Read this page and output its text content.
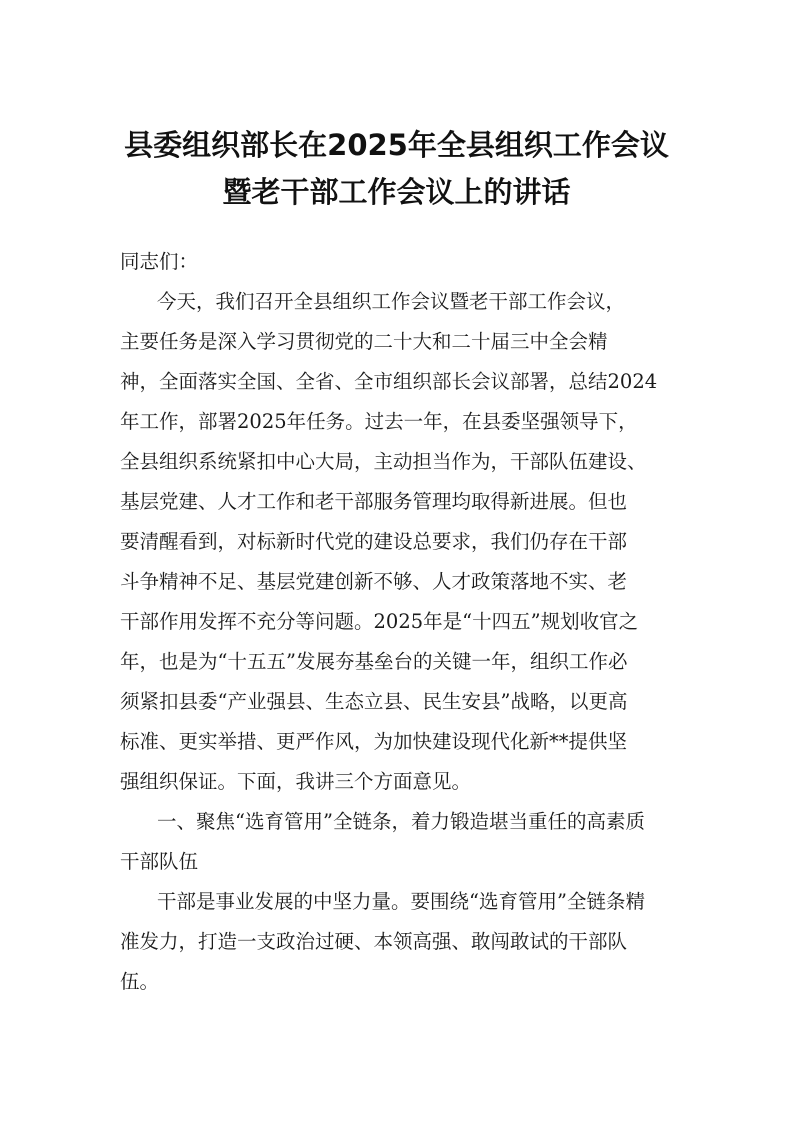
县委组织部长在2025年全县组织工作会议
暨老干部工作会议上的讲话
同志们：
今天，我们召开全县组织工作会议暨老干部工作会议，
主要任务是深入学习贯彻党的二十大和二十届三中全会精
神，全面落实全国、全省、全市组织部长会议部署，总结2024
年工作，部署2025年任务。过去一年，在县委坚强领导下，
全县组织系统紧扣中心大局，主动担当作为，干部队伍建设、
基层党建、人才工作和老干部服务管理均取得新进展。但也
要清醒看到，对标新时代党的建设总要求，我们仍存在干部
斗争精神不足、基层党建创新不够、人才政策落地不实、老
干部作用发挥不充分等问题。2025年是“十四五”规划收官之
年，也是为“十五五”发展夯基垒台的关键一年，组织工作必
须紧扣县委“产业强县、生态立县、民生安县”战略，以更高
标准、更实举措、更严作风，为加快建设现代化新**提供坚
强组织保证。下面，我讲三个方面意见。
一、聚焦“选育管用”全链条，着力锻造堪当重任的高素质
干部队伍
干部是事业发展的中坚力量。要围绕“选育管用”全链条精
准发力，打造一支政治过硬、本领高强、敢闯敢试的干部队
伍。
